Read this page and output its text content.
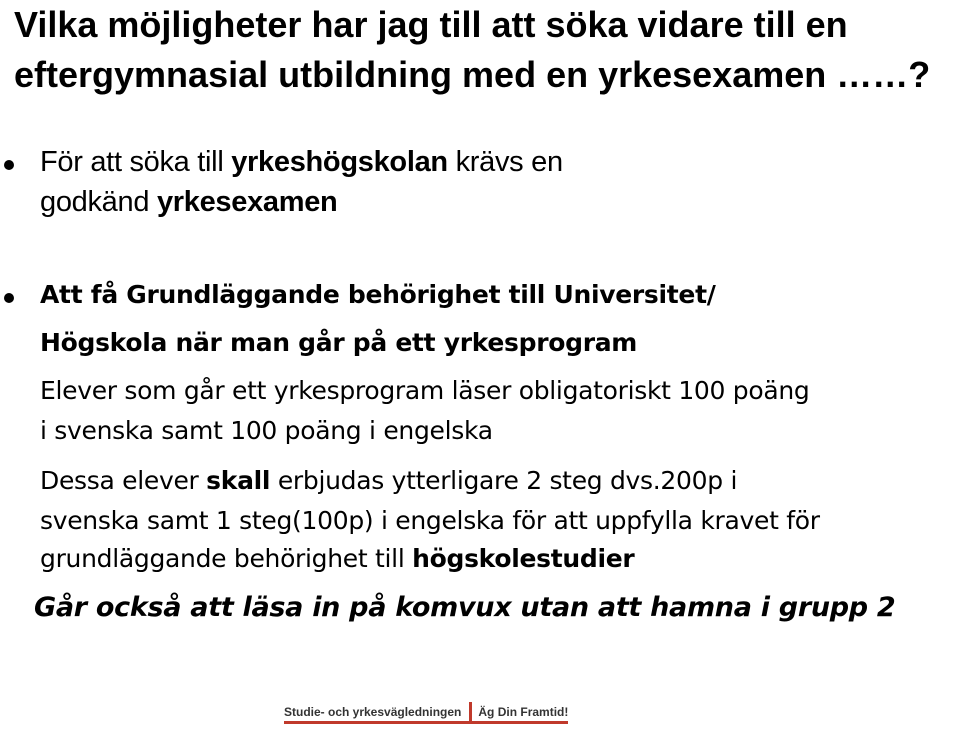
Vilka möjligheter har jag till att söka vidare till en
eftergymnasial utbildning med en yrkesexamen ……?
För att söka till yrkeshögskolan krävs en
godkänd yrkesexamen
Att få Grundläggande behörighet till Universitet/
Högskola när man går på ett yrkesprogram
Elever som går ett yrkesprogram läser obligatoriskt 100 poäng
i svenska samt 100 poäng i engelska
Dessa elever skall erbjudas ytterligare 2 steg dvs.200p i
svenska samt 1 steg(100p) i engelska för att uppfylla kravet för
grundläggande behörighet till högskolestudier
Går också att läsa in på komvux utan att hamna i grupp 2
Studie- och yrkesvägledningen	Äg Din Framtid!
